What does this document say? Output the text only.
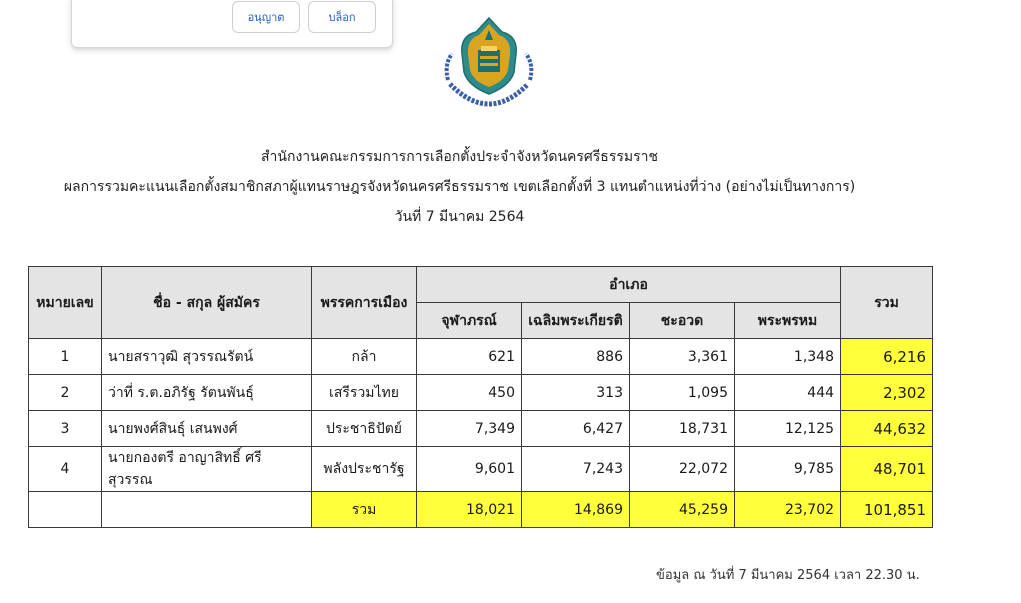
อนุญาต	บล็อก
สำนักงานคณะกรรมการการเลือกตั้งประจำจังหวัดนครศรีธรรมราช
ผลการรวมคะแนนเลือกตั้งสมาชิกสภาผู้แทนราษฎรจังหวัดนครศรีธรรมราช เขตเลือกตั้งที่ 3 แทนตำแหน่งที่ว่าง (อย่างไม่เป็นทางการ)
วันที่ 7 มีนาคม 2564
หมายเลข	ชื่อ - สกุล ผู้สมัคร	พรรคการเมือง	อำเภอ				รวม
			จุฬาภรณ์	เฉลิมพระเกียรติ	ชะอวด	พระพรหม	
1	นายสราวุฒิ สุวรรณรัตน์	กล้า	621	886	3,361	1,348	6,216
2	ว่าที่ ร.ต.อภิรัฐ รัตนพันธุ์	เสรีรวมไทย	450	313	1,095	444	2,302
3	นายพงศ์สินธุ์ เสนพงศ์	ประชาธิปัตย์	7,349	6,427	18,731	12,125	44,632
4	นายกองตรี อาญาสิทธิ์ ศรีสุวรรณ	พลังประชารัฐ	9,601	7,243	22,072	9,785	48,701
		รวม	18,021	14,869	45,259	23,702	101,851
ข้อมูล ณ วันที่ 7 มีนาคม 2564 เวลา 22.30 น.
